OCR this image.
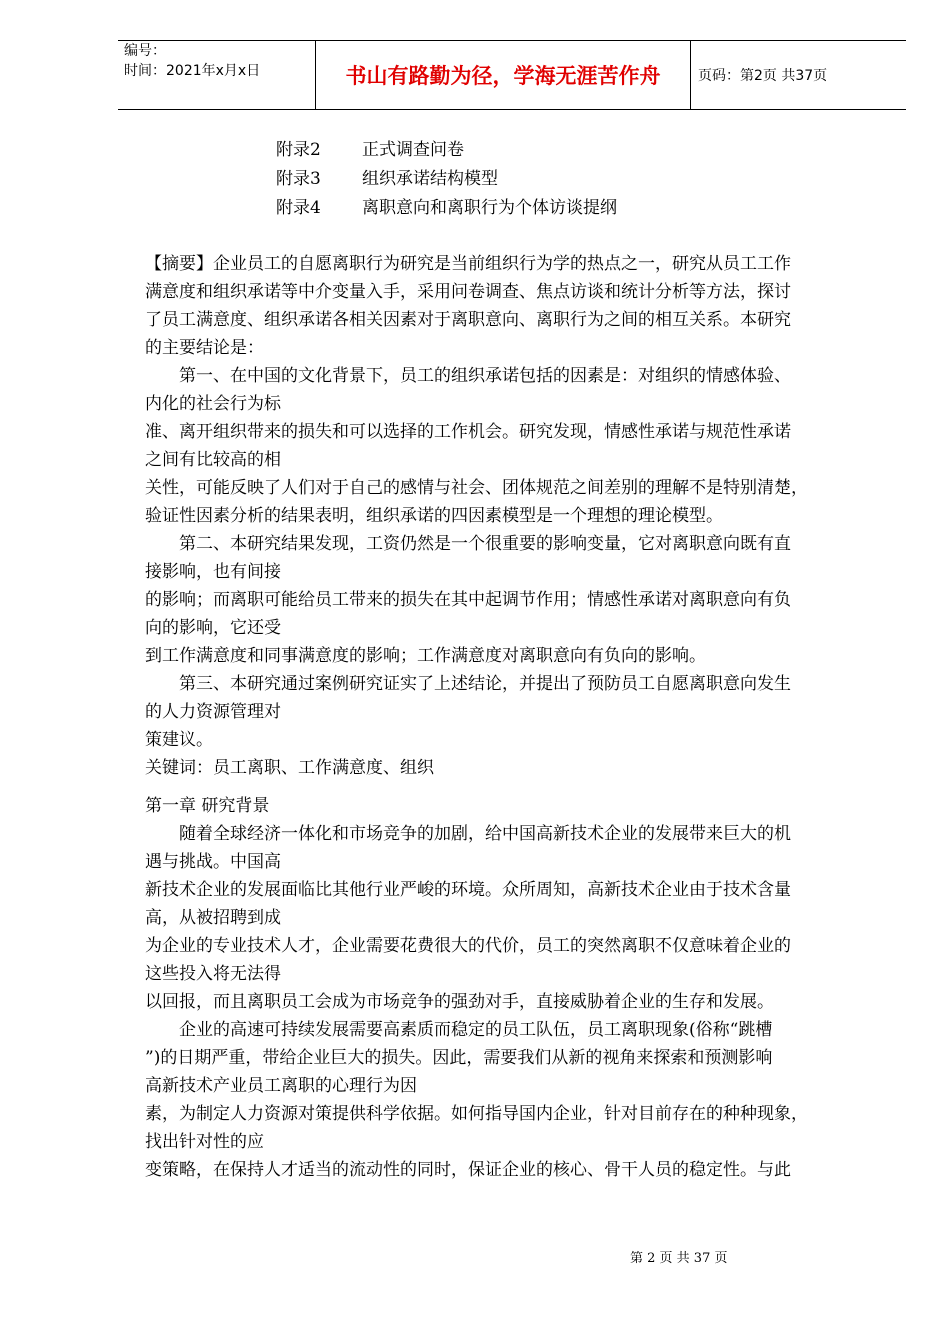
编号：
时间：2021年x月x日	书山有路勤为径，学海无涯苦作舟	页码：第2页 共37页
附录2	正式调查问卷
附录3	组织承诺结构模型
附录4	离职意向和离职行为个体访谈提纲
【摘要】企业员工的自愿离职行为研究是当前组织行为学的热点之一，研究从员工工作
满意度和组织承诺等中介变量入手，采用问卷调查、焦点访谈和统计分析等方法，探讨
了员工满意度、组织承诺各相关因素对于离职意向、离职行为之间的相互关系。本研究
的主要结论是：
第一、在中国的文化背景下，员工的组织承诺包括的因素是：对组织的情感体验、
内化的社会行为标
准、离开组织带来的损失和可以选择的工作机会。研究发现，情感性承诺与规范性承诺
之间有比较高的相
关性，可能反映了人们对于自己的感情与社会、团体规范之间差别的理解不是特别清楚，
验证性因素分析的结果表明，组织承诺的四因素模型是一个理想的理论模型。
第二、本研究结果发现，工资仍然是一个很重要的影响变量，它对离职意向既有直
接影响，也有间接
的影响；而离职可能给员工带来的损失在其中起调节作用；情感性承诺对离职意向有负
向的影响，它还受
到工作满意度和同事满意度的影响；工作满意度对离职意向有负向的影响。
第三、本研究通过案例研究证实了上述结论，并提出了预防员工自愿离职意向发生
的人力资源管理对
策建议。
关键词：员工离职、工作满意度、组织
第一章 研究背景
随着全球经济一体化和市场竞争的加剧，给中国高新技术企业的发展带来巨大的机
遇与挑战。中国高
新技术企业的发展面临比其他行业严峻的环境。众所周知，高新技术企业由于技术含量
高，从被招聘到成
为企业的专业技术人才，企业需要花费很大的代价，员工的突然离职不仅意味着企业的
这些投入将无法得
以回报，而且离职员工会成为市场竞争的强劲对手，直接威胁着企业的生存和发展。
企业的高速可持续发展需要高素质而稳定的员工队伍，员工离职现象(俗称“跳槽
”)的日期严重，带给企业巨大的损失。因此，需要我们从新的视角来探索和预测影响
高新技术产业员工离职的心理行为因
素，为制定人力资源对策提供科学依据。如何指导国内企业，针对目前存在的种种现象，
找出针对性的应
变策略，在保持人才适当的流动性的同时，保证企业的核心、骨干人员的稳定性。与此
第 2 页 共 37 页
